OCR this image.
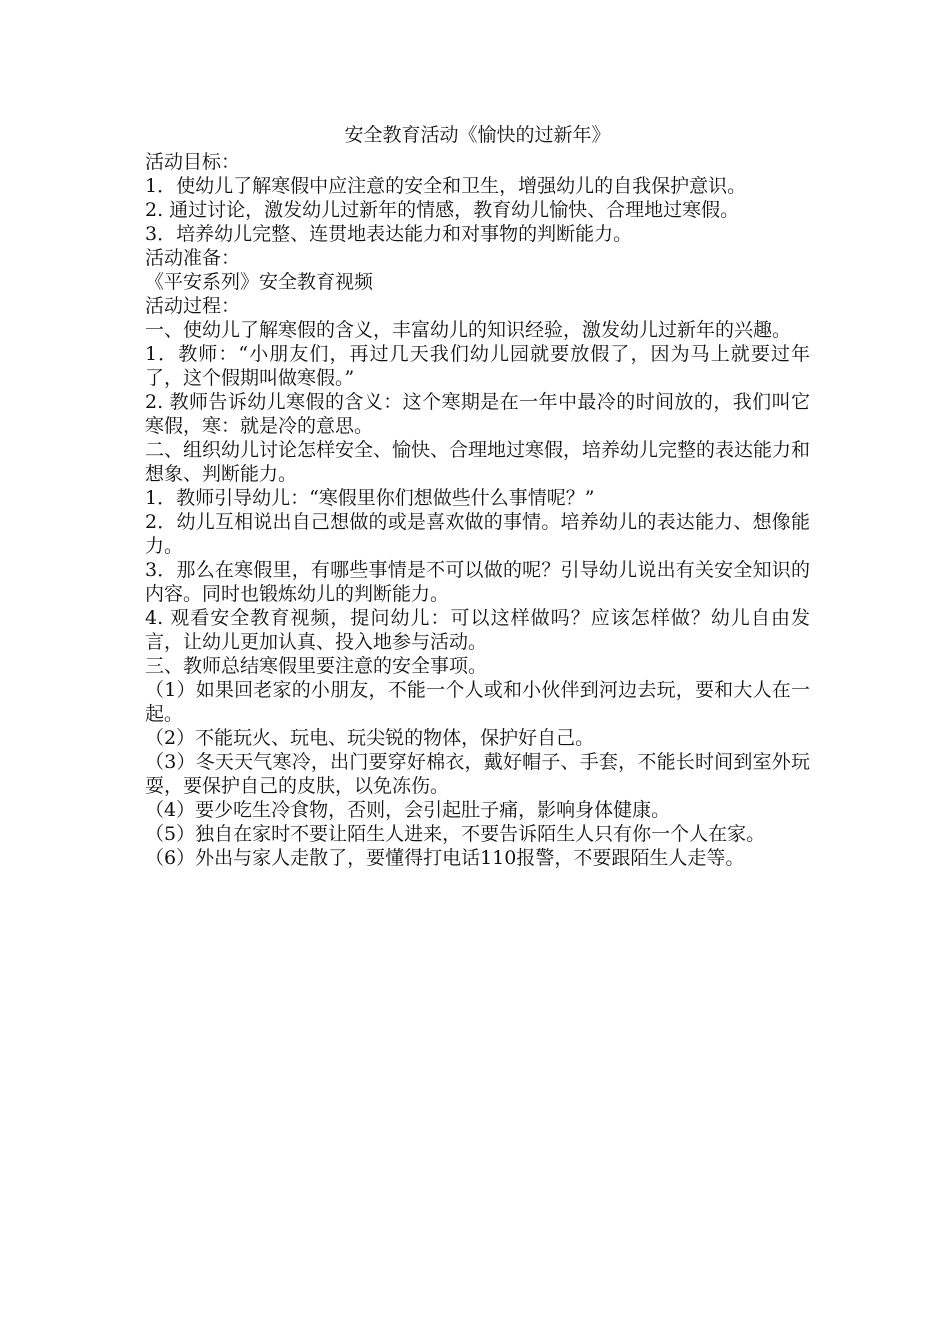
安全教育活动《愉快的过新年》

活动目标：

1．使幼儿了解寒假中应注意的安全和卫生，增强幼儿的自我保护意识。

2. 通过讨论，激发幼儿过新年的情感，教育幼儿愉快、合理地过寒假。

3．培养幼儿完整、连贯地表达能力和对事物的判断能力。

活动准备：

《平安系列》安全教育视频

活动过程：

一、使幼儿了解寒假的含义，丰富幼儿的知识经验，激发幼儿过新年的兴趣。

1．教师：“小朋友们，再过几天我们幼儿园就要放假了，因为马上就要过年了，这个假期叫做寒假。”

2. 教师告诉幼儿寒假的含义：这个寒期是在一年中最冷的时间放的，我们叫它寒假，寒：就是冷的意思。

二、组织幼儿讨论怎样安全、愉快、合理地过寒假，培养幼儿完整的表达能力和想象、判断能力。

1．教师引导幼儿：“寒假里你们想做些什么事情呢？”

2．幼儿互相说出自己想做的或是喜欢做的事情。培养幼儿的表达能力、想像能力。

3．那么在寒假里，有哪些事情是不可以做的呢？引导幼儿说出有关安全知识的内容。同时也锻炼幼儿的判断能力。

4. 观看安全教育视频，提问幼儿：可以这样做吗？应该怎样做？幼儿自由发言，让幼儿更加认真、投入地参与活动。

三、教师总结寒假里要注意的安全事项。

（1）如果回老家的小朋友，不能一个人或和小伙伴到河边去玩，要和大人在一起。

（2）不能玩火、玩电、玩尖锐的物体，保护好自己。

（3）冬天天气寒冷，出门要穿好棉衣，戴好帽子、手套，不能长时间到室外玩耍，要保护自己的皮肤，以免冻伤。

（4）要少吃生冷食物，否则，会引起肚子痛，影响身体健康。

（5）独自在家时不要让陌生人进来，不要告诉陌生人只有你一个人在家。

（6）外出与家人走散了，要懂得打电话110报警，不要跟陌生人走等。
